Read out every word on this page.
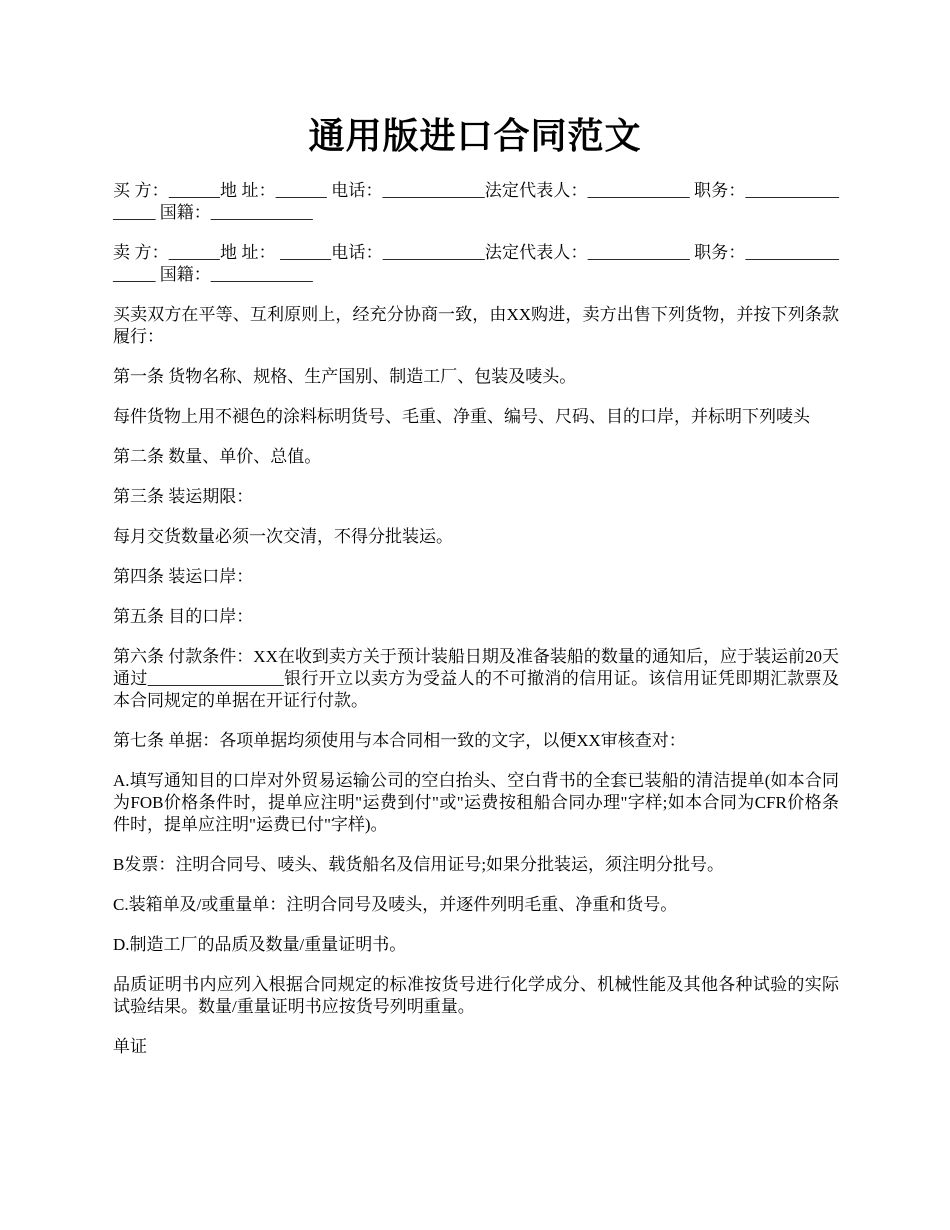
通用版进口合同范文

买 方：______地 址：______ 电话：____________法定代表人：____________ 职务：________________ 国籍：____________

卖 方：______地 址： ______电话：____________法定代表人：____________ 职务：________________ 国籍：____________

买卖双方在平等、互利原则上，经充分协商一致，由XX购进，卖方出售下列货物，并按下列条款履行：

第一条 货物名称、规格、生产国别、制造工厂、包装及唛头。

每件货物上用不褪色的涂料标明货号、毛重、净重、编号、尺码、目的口岸，并标明下列唛头

第二条 数量、单价、总值。

第三条 装运期限：

每月交货数量必须一次交清，不得分批装运。

第四条 装运口岸：

第五条 目的口岸：

第六条 付款条件：XX在收到卖方关于预计装船日期及准备装船的数量的通知后，应于装运前20天通过________________银行开立以卖方为受益人的不可撤消的信用证。该信用证凭即期汇款票及本合同规定的单据在开证行付款。

第七条 单据：各项单据均须使用与本合同相一致的文字，以便XX审核查对：

A.填写通知目的口岸对外贸易运输公司的空白抬头、空白背书的全套已装船的清洁提单(如本合同为FOB价格条件时，提单应注明"运费到付"或"运费按租船合同办理"字样;如本合同为CFR价格条件时，提单应注明"运费已付"字样)。

B发票：注明合同号、唛头、载货船名及信用证号;如果分批装运，须注明分批号。

C.装箱单及/或重量单：注明合同号及唛头，并逐件列明毛重、净重和货号。

D.制造工厂的品质及数量/重量证明书。

品质证明书内应列入根据合同规定的标准按货号进行化学成分、机械性能及其他各种试验的实际试验结果。数量/重量证明书应按货号列明重量。

单证
